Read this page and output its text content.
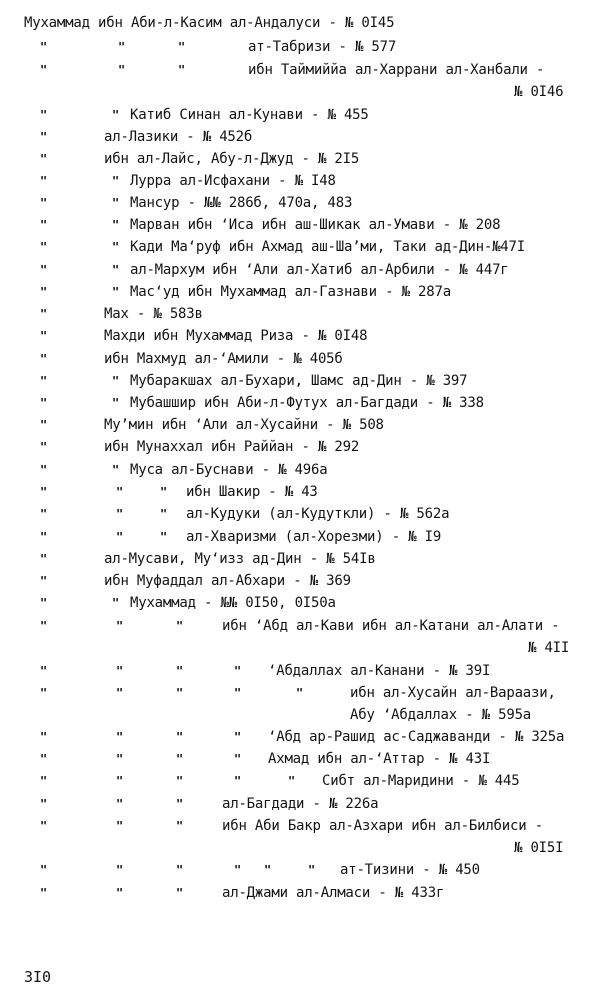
Мухаммад ибн Аби-л-Касим ал-Андалуси - № 0I45
"	"	"	ат-Табризи - № 577
"	"	"	ибн Таймиййа ал-Харрани ал-Ханбали -
№ 0I46
"	" Катиб Синан ал-Кунави - № 455
"	ал-Лазики - № 452б
"	ибн ал-Лайс, Абу-л-Джуд - № 2I5
"	" Лурра ал-Исфахани - № I48
"	" Мансур - №№ 286б, 470а, 483
"	" Марван ибн ʻИса ибн аш-Шикак ал-Умави - № 208
"	" Кади Маʻруф ибн Ахмад аш-Шаʼми, Таки ад-Дин-№47I
"	" ал-Мархум ибн ʻАли ал-Хатиб ал-Арбили - № 447г
"	" Масʻуд ибн Мухаммад ал-Газнави - № 287а
"	Мах - № 583в
"	Махди ибн Мухаммад Риза - № 0I48
"	ибн Махмуд ал-ʻАмили - № 405б
"	" Мубаракшах ал-Бухари, Шамс ад-Дин - № 397
"	" Мубашшир ибн Аби-л-Футух ал-Багдади - № 338
"	Муʼмин ибн ʻАли ал-Хусайни - № 508
"	ибн Мунаххал ибн Раййан - № 292
"	" Муса ал-Буснави - № 496а
"	"	" ибн Шакир - № 43
"	"	" ал-Кудуки (ал-Кудуткли) - № 562а
"	"	" ал-Хваризми (ал-Хорезми) - № I9
"	ал-Мусави, Муʻизз ад-Дин - № 54Iв
"	ибн Муфаддал ал-Абхари - № 369
"	" Мухаммад - №№ 0I50, 0I50а
"	"	"	ибн ʻАбд ал-Кави ибн ал-Катани ал-Алати -
№ 4II
"	"	"	" ʻАбдаллах ал-Канани - № 39I
"	"	"	"	"	ибн ал-Хусайн ал-Вараази,
Абу ʻАбдаллах - № 595а
"	"	"	" ʻАбд ар-Рашид ас-Саджаванди - № 325а
"	"	"	" Ахмад ибн ал-ʻАттар - № 43I
"	"	"	"	" Сибт ал-Маридини - № 445
"	"	"	ал-Багдади - № 226а
"	"	"	ибн Аби Бакр ал-Азхари ибн ал-Билбиси -
№ 0I5I
"	"	"	" "	" ат-Тизини - № 450
"	"	"	ал-Джами ал-Алмаси - № 433г
3I0
